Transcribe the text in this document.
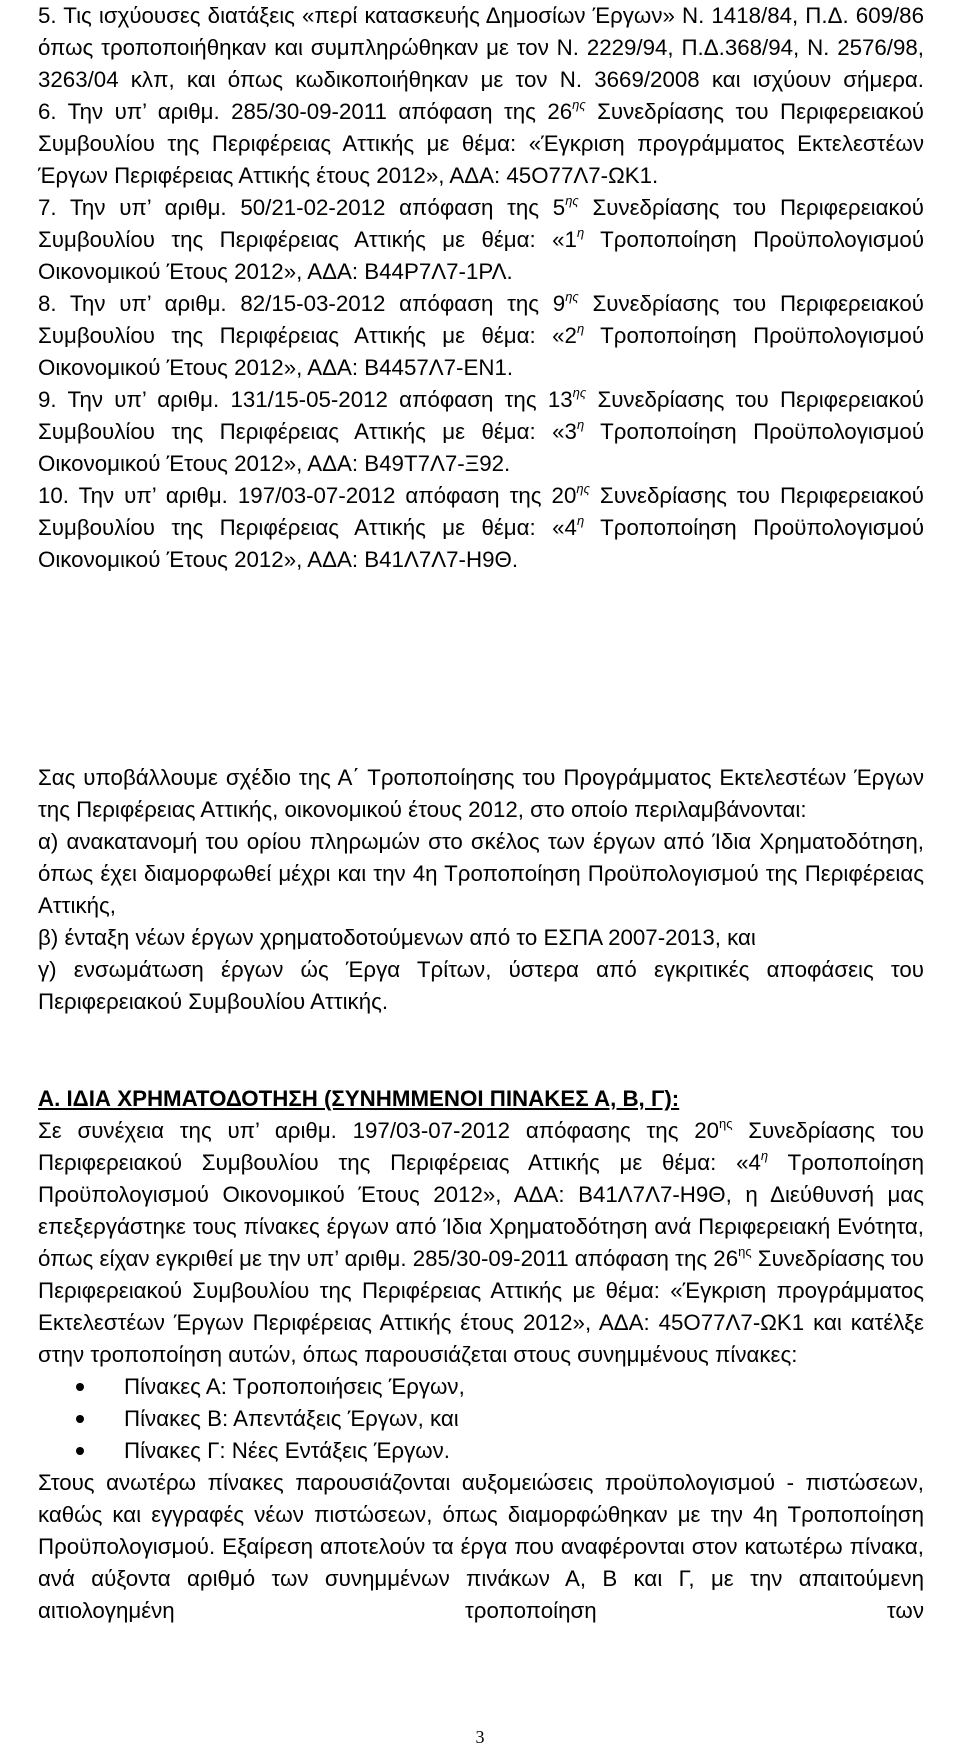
5. Τις ισχύουσες διατάξεις «περί κατασκευής Δημοσίων Έργων» Ν. 1418/84, Π.Δ. 609/86 όπως τροποποιήθηκαν και συμπληρώθηκαν με τον Ν. 2229/94, Π.Δ.368/94, Ν. 2576/98, 3263/04 κλπ, και όπως κωδικοποιήθηκαν με τον Ν. 3669/2008 και ισχύουν σήμερα.

6. Την υπ’ αριθμ. 285/30-09-2011 απόφαση της $26^{\eta\varsigma}$ Συνεδρίασης του Περιφερειακού Συμβουλίου της Περιφέρειας Αττικής με θέμα: «Έγκριση προγράμματος Εκτελεστέων Έργων Περιφέρειας Αττικής έτους 2012», ΑΔΑ: 45Ο77Λ7-ΩΚ1.

7. Την υπ’ αριθμ. 50/21-02-2012 απόφαση της $5^{\eta\varsigma}$ Συνεδρίασης του Περιφερειακού Συμβουλίου της Περιφέρειας Αττικής με θέμα: «$1^\eta$ Τροποποίηση Προϋπολογισμού Οικονομικού Έτους 2012», ΑΔΑ: Β44Ρ7Λ7-1ΡΛ.

8. Την υπ’ αριθμ. 82/15-03-2012 απόφαση της $9^{\eta\varsigma}$ Συνεδρίασης του Περιφερειακού Συμβουλίου της Περιφέρειας Αττικής με θέμα: «$2^\eta$ Τροποποίηση Προϋπολογισμού Οικονομικού Έτους 2012», ΑΔΑ: Β4457Λ7-ΕΝ1.

9. Την υπ’ αριθμ. 131/15-05-2012 απόφαση της $13^{\eta\varsigma}$ Συνεδρίασης του Περιφερειακού Συμβουλίου της Περιφέρειας Αττικής με θέμα: «$3^\eta$ Τροποποίηση Προϋπολογισμού Οικονομικού Έτους 2012», ΑΔΑ: Β49Τ7Λ7-Ξ92.

10. Την υπ’ αριθμ. 197/03-07-2012 απόφαση της $20^{\eta\varsigma}$ Συνεδρίασης του Περιφερειακού Συμβουλίου της Περιφέρειας Αττικής με θέμα: «$4^\eta$ Τροποποίηση Προϋπολογισμού Οικονομικού Έτους 2012», ΑΔΑ: Β41Λ7Λ7-Η9Θ.

Σας υποβάλλουμε σχέδιο της Α΄ Τροποποίησης του Προγράμματος Εκτελεστέων Έργων της Περιφέρειας Αττικής, οικονομικού έτους 2012, στο οποίο περιλαμβάνονται:

α) ανακατανομή του ορίου πληρωμών στο σκέλος των έργων από Ίδια Χρηματοδότηση, όπως έχει διαμορφωθεί μέχρι και την 4η Τροποποίηση Προϋπολογισμού της Περιφέρειας Αττικής,

β) ένταξη νέων έργων χρηματοδοτούμενων από το ΕΣΠΑ 2007-2013, και

γ) ενσωμάτωση έργων ώς Έργα Τρίτων, ύστερα από εγκριτικές αποφάσεις του Περιφερειακού Συμβουλίου Αττικής.

Α. ΙΔΙΑ ΧΡΗΜΑΤΟΔΟΤΗΣΗ (ΣΥΝΗΜΜΕΝΟΙ ΠΙΝΑΚΕΣ Α, Β, Γ):

Σε συνέχεια της υπ’ αριθμ. 197/03-07-2012 απόφασης της $20^{\eta\varsigma}$ Συνεδρίασης του Περιφερειακού Συμβουλίου της Περιφέρειας Αττικής με θέμα: «$4^\eta$ Τροποποίηση Προϋπολογισμού Οικονομικού Έτους 2012», ΑΔΑ: Β41Λ7Λ7-Η9Θ, η Διεύθυνσή μας επεξεργάστηκε τους πίνακες έργων από Ίδια Χρηματοδότηση ανά Περιφερειακή Ενότητα, όπως είχαν εγκριθεί με την υπ’ αριθμ. 285/30-09-2011 απόφαση της $26^{\eta\varsigma}$ Συνεδρίασης του Περιφερειακού Συμβουλίου της Περιφέρειας Αττικής με θέμα: «Έγκριση προγράμματος Εκτελεστέων Έργων Περιφέρειας Αττικής έτους 2012», ΑΔΑ: 45Ο77Λ7-ΩΚ1 και κατέλξε στην τροποποίηση αυτών, όπως παρουσιάζεται στους συνημμένους πίνακες:

Πίνακες Α: Τροποποιήσεις Έργων,
Πίνακες Β: Απεντάξεις Έργων, και
Πίνακες Γ: Νέες Εντάξεις Έργων.

Στους ανωτέρω πίνακες παρουσιάζονται αυξομειώσεις προϋπολογισμού - πιστώσεων, καθώς και εγγραφές νέων πιστώσεων, όπως διαμορφώθηκαν με την 4η Τροποποίηση Προϋπολογισμού. Εξαίρεση αποτελούν τα έργα που αναφέρονται στον κατωτέρω πίνακα, ανά αύξοντα αριθμό των συνημμένων πινάκων Α, Β και Γ, με την απαιτούμενη αιτιολογημένη τροποποίηση των

3
